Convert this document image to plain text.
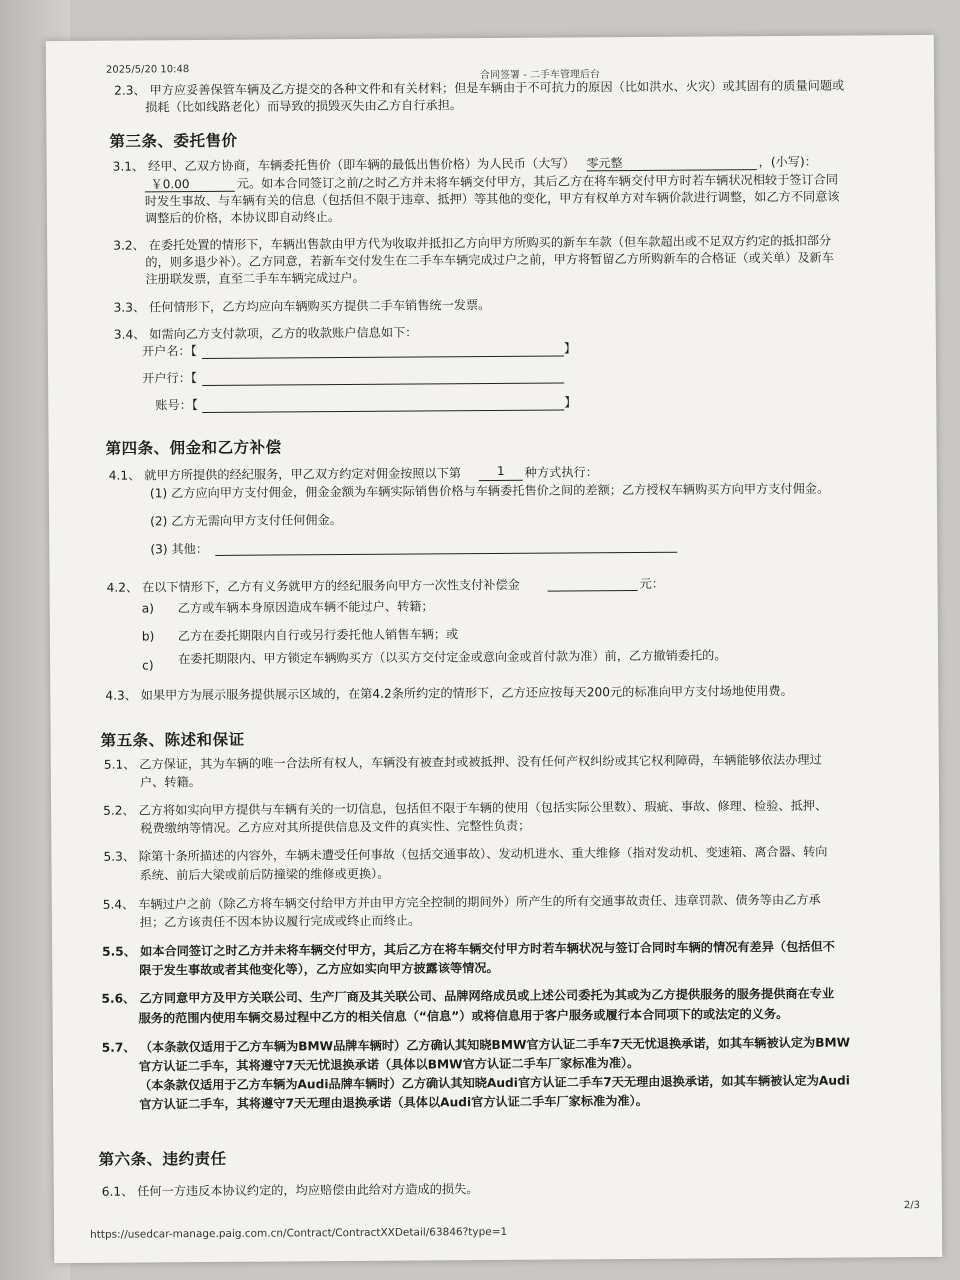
2025/5/20 10:48	合同签署 - 二手车管理后台
2.3、 甲方应妥善保管车辆及乙方提交的各种文件和有关材料；但是车辆由于不可抗力的原因（比如洪水、火灾）或其固有的质量问题或
损耗（比如线路老化）而导致的损毁灭失由乙方自行承担。
第三条、委托售价
3.1、 经甲、乙双方协商，车辆委托售价（即车辆的最低出售价格）为人民币（大写） 零元整	，(小写)：
￥0.00	元。如本合同签订之前/之时乙方并未将车辆交付甲方，其后乙方在将车辆交付甲方时若车辆状况相较于签订合同
时发生事故、与车辆有关的信息（包括但不限于违章、抵押）等其他的变化，甲方有权单方对车辆价款进行调整，如乙方不同意该
调整后的价格，本协议即自动终止。
3.2、 在委托处置的情形下，车辆出售款由甲方代为收取并抵扣乙方向甲方所购买的新车车款（但车款超出或不足双方约定的抵扣部分
的，则多退少补）。乙方同意，若新车交付发生在二手车车辆完成过户之前，甲方将暂留乙方所购新车的合格证（或关单）及新车
注册联发票，直至二手车车辆完成过户。
3.3、 任何情形下，乙方均应向车辆购买方提供二手车销售统一发票。
3.4、 如需向乙方支付款项，乙方的收款账户信息如下：
开户名：【	】
开户行：【
账号：【	】
第四条、佣金和乙方补偿
4.1、 就甲方所提供的经纪服务，甲乙双方约定对佣金按照以下第	1	种方式执行：
(1) 乙方应向甲方支付佣金，佣金金额为车辆实际销售价格与车辆委托售价之间的差额；乙方授权车辆购买方向甲方支付佣金。
(2) 乙方无需向甲方支付任何佣金。
(3) 其他：
4.2、 在以下情形下，乙方有义务就甲方的经纪服务向甲方一次性支付补偿金	元：
a) 乙方或车辆本身原因造成车辆不能过户、转籍；
b) 乙方在委托期限内自行或另行委托他人销售车辆；或
c) 在委托期限内、甲方锁定车辆购买方（以买方交付定金或意向金或首付款为准）前，乙方撤销委托的。
4.3、 如果甲方为展示服务提供展示区域的，在第4.2条所约定的情形下，乙方还应按每天200元的标准向甲方支付场地使用费。
第五条、陈述和保证
5.1、 乙方保证，其为车辆的唯一合法所有权人，车辆没有被查封或被抵押、没有任何产权纠纷或其它权利障碍，车辆能够依法办理过
户、转籍。
5.2、 乙方将如实向甲方提供与车辆有关的一切信息，包括但不限于车辆的使用（包括实际公里数）、瑕疵、事故、修理、检验、抵押、
税费缴纳等情况。乙方应对其所提供信息及文件的真实性、完整性负责；
5.3、 除第十条所描述的内容外，车辆未遭受任何事故（包括交通事故）、发动机进水、重大维修（指对发动机、变速箱、离合器、转向
系统、前后大梁或前后防撞梁的维修或更换）。
5.4、 车辆过户之前（除乙方将车辆交付给甲方并由甲方完全控制的期间外）所产生的所有交通事故责任、违章罚款、债务等由乙方承
担；乙方该责任不因本协议履行完成或终止而终止。
5.5、 如本合同签订之时乙方并未将车辆交付甲方，其后乙方在将车辆交付甲方时若车辆状况与签订合同时车辆的情况有差异（包括但不
限于发生事故或者其他变化等），乙方应如实向甲方披露该等情况。
5.6、 乙方同意甲方及甲方关联公司、生产厂商及其关联公司、品牌网络成员或上述公司委托为其或为乙方提供服务的服务提供商在专业
服务的范围内使用车辆交易过程中乙方的相关信息（“信息”）或将信息用于客户服务或履行本合同项下的或法定的义务。
5.7、 （本条款仅适用于乙方车辆为BMW品牌车辆时）乙方确认其知晓BMW官方认证二手车7天无忧退换承诺，如其车辆被认定为BMW
官方认证二手车，其将遵守7天无忧退换承诺（具体以BMW官方认证二手车厂家标准为准）。
（本条款仅适用于乙方车辆为Audi品牌车辆时）乙方确认其知晓Audi官方认证二手车7天无理由退换承诺，如其车辆被认定为Audi
官方认证二手车，其将遵守7天无理由退换承诺（具体以Audi官方认证二手车厂家标准为准）。
第六条、违约责任
6.1、 任何一方违反本协议约定的，均应赔偿由此给对方造成的损失。
2/3
https://usedcar-manage.paig.com.cn/Contract/ContractXXDetail/63846?type=1
